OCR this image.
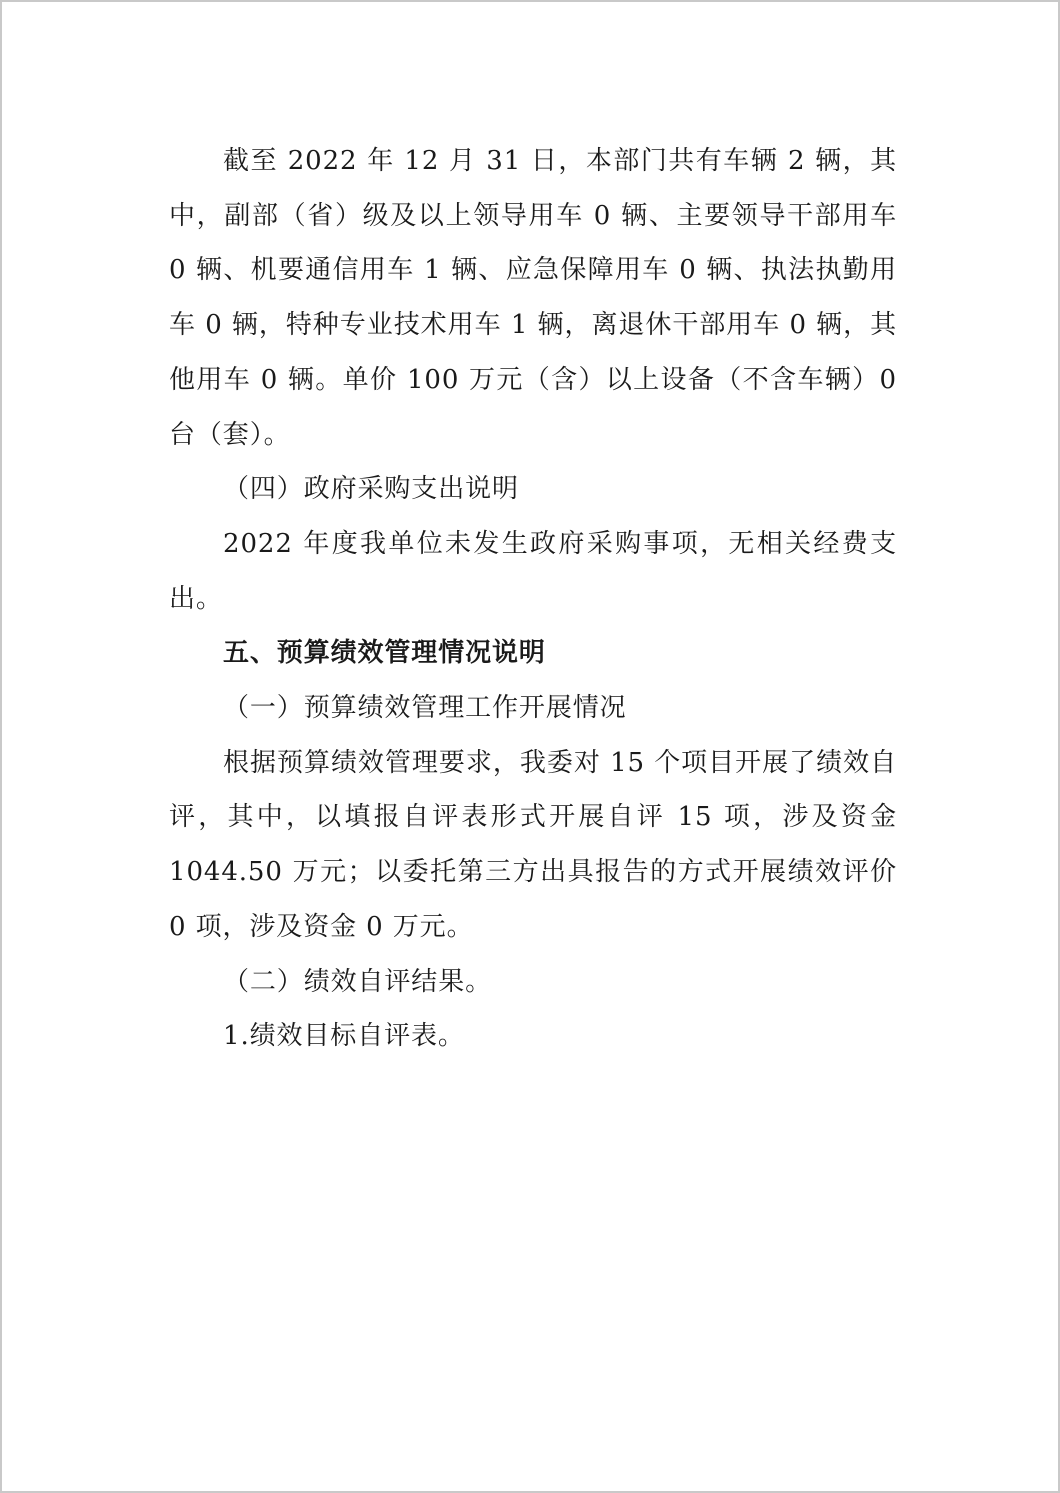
截至 2022 年 12 月 31 日，本部门共有车辆 2 辆，其中，副部（省）级及以上领导用车 0 辆、主要领导干部用车 0 辆、机要通信用车 1 辆、应急保障用车 0 辆、执法执勤用车 0 辆，特种专业技术用车 1 辆，离退休干部用车 0 辆，其他用车 0 辆。单价 100 万元（含）以上设备（不含车辆）0 台（套）。

（四）政府采购支出说明

2022 年度我单位未发生政府采购事项，无相关经费支出。

五、预算绩效管理情况说明

（一）预算绩效管理工作开展情况

根据预算绩效管理要求，我委对 15 个项目开展了绩效自评，其中，以填报自评表形式开展自评 15 项，涉及资金 1044.50 万元；以委托第三方出具报告的方式开展绩效评价 0 项，涉及资金 0 万元。

（二）绩效自评结果。

1.绩效目标自评表。
